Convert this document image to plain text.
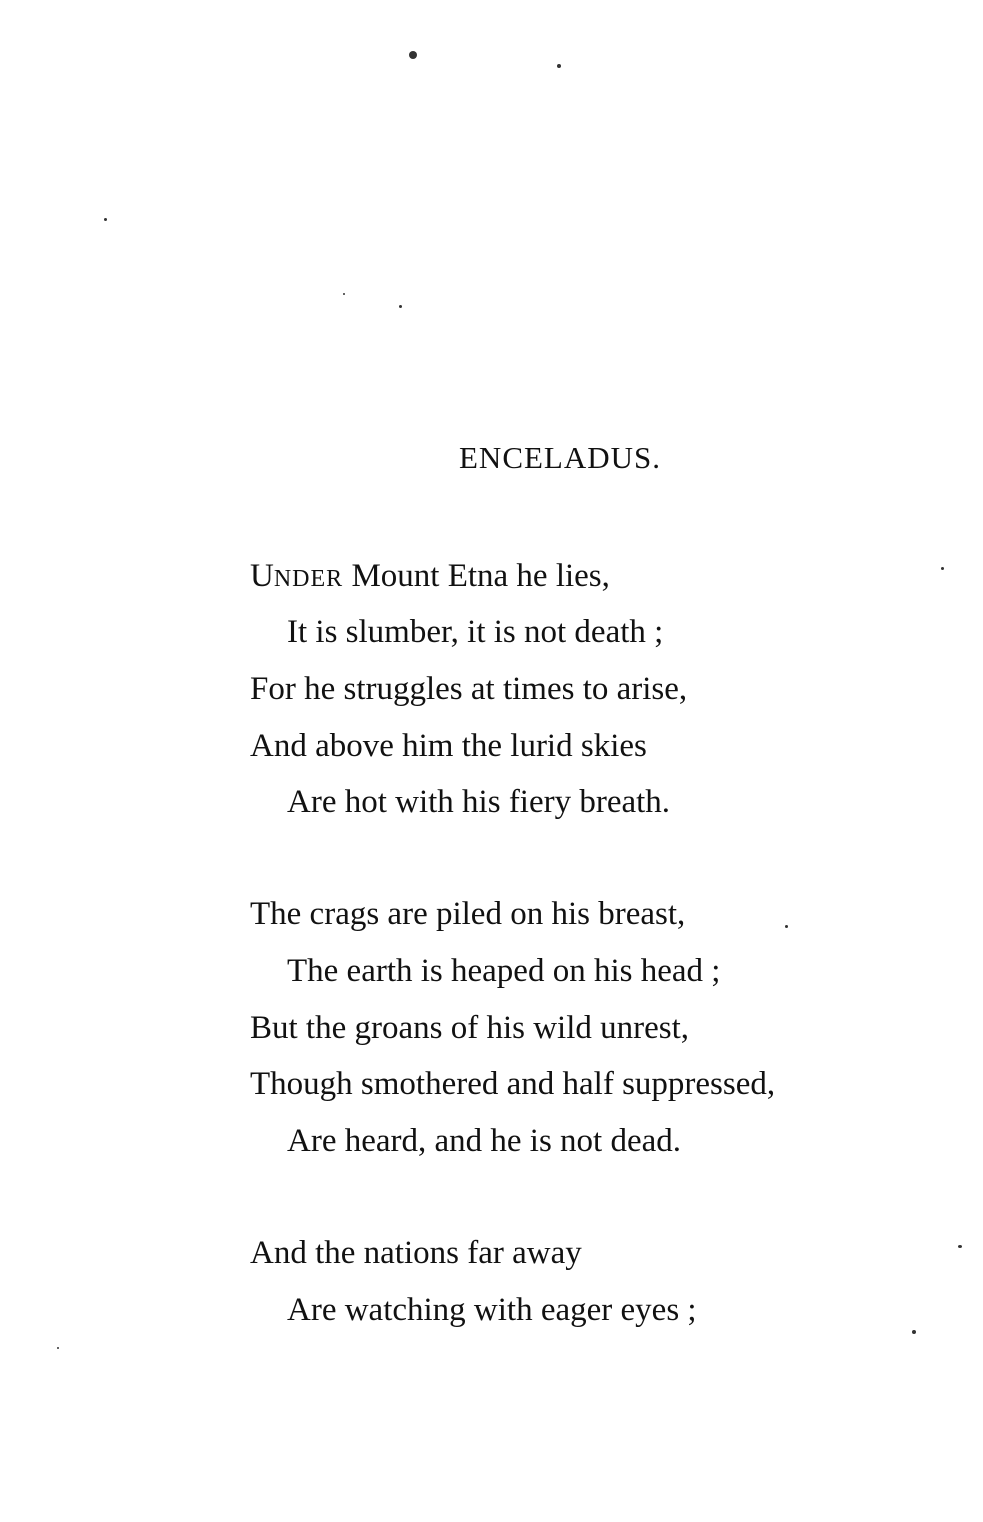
ENCELADUS.
UNDER Mount Etna he lies,
It is slumber, it is not death ;
For he struggles at times to arise,
And above him the lurid skies
Are hot with his fiery breath.
The crags are piled on his breast,
The earth is heaped on his head ;
But the groans of his wild unrest,
Though smothered and half suppressed,
Are heard, and he is not dead.
And the nations far away
Are watching with eager eyes ;
